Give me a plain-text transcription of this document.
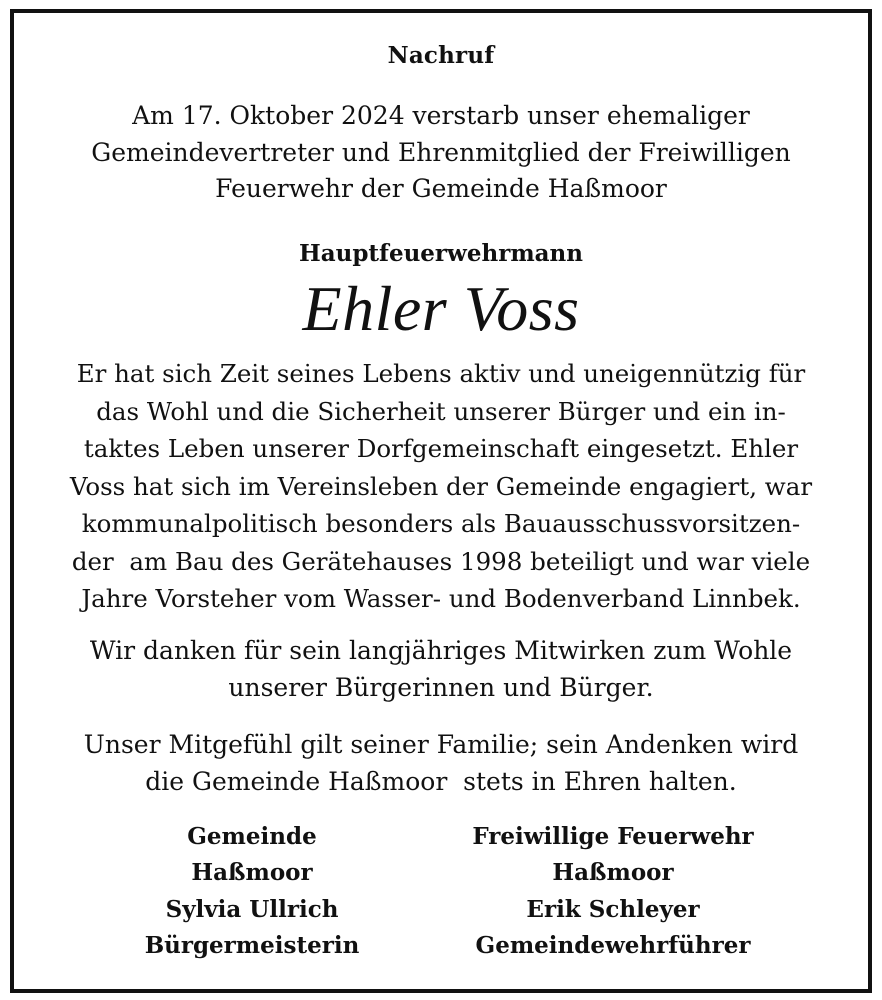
Nachruf
Am 17. Oktober 2024 verstarb unser ehemaliger
Gemeindevertreter und Ehrenmitglied der Freiwilligen
Feuerwehr der Gemeinde Haßmoor
Hauptfeuerwehrmann
Ehler Voss
Er hat sich Zeit seines Lebens aktiv und uneigennützig für
das Wohl und die Sicherheit unserer Bürger und ein in-
taktes Leben unserer Dorfgemeinschaft eingesetzt. Ehler
Voss hat sich im Vereinsleben der Gemeinde engagiert, war
kommunalpolitisch besonders als Bauausschussvorsitzen-
der  am Bau des Gerätehauses 1998 beteiligt und war viele
Jahre Vorsteher vom Wasser- und Bodenverband Linnbek.
Wir danken für sein langjähriges Mitwirken zum Wohle
unserer Bürgerinnen und Bürger.
Unser Mitgefühl gilt seiner Familie; sein Andenken wird
die Gemeinde Haßmoor  stets in Ehren halten.
Gemeinde
Haßmoor
Sylvia Ullrich
Bürgermeisterin
Freiwillige Feuerwehr
Haßmoor
Erik Schleyer
Gemeindewehrführer
